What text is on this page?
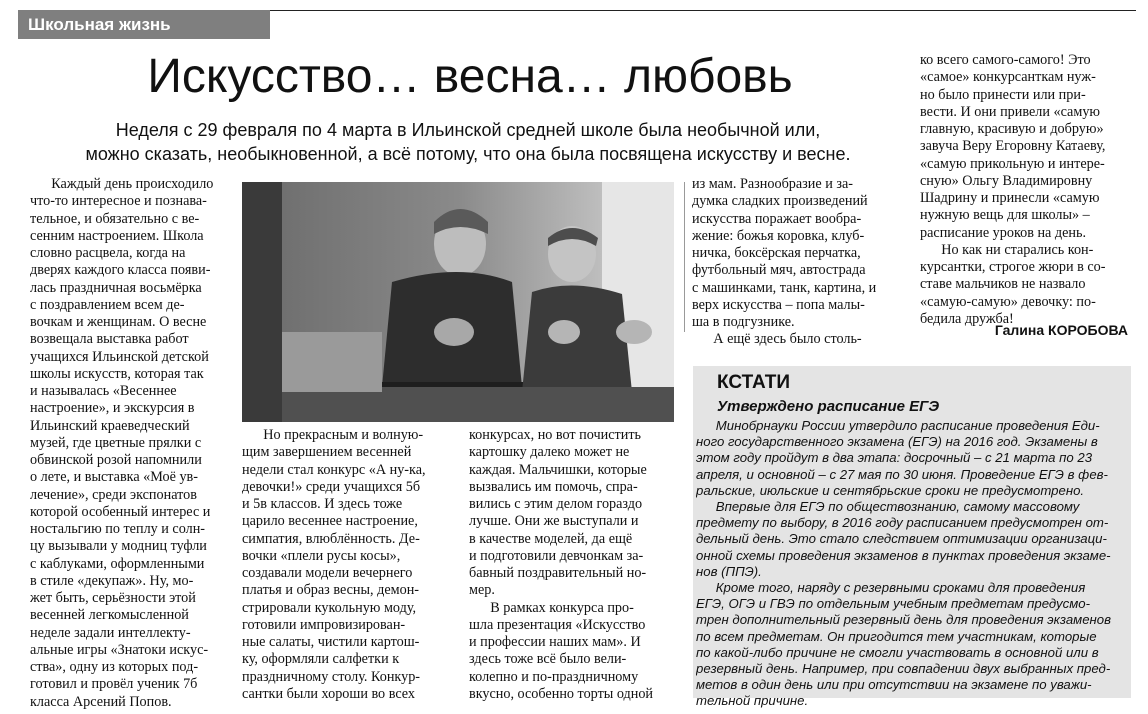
Школьная жизнь
Искусство… весна… любовь
Неделя с 29 февраля по 4 марта в Ильинской средней школе была необычной или,
можно сказать, необыкновенной, а всё потому, что она была посвящена искусству и весне.
  Каждый день происходило
что-то интересное и познава-
тельное, и обязательно с ве-
сенним настроением. Школа
словно расцвела, когда на
дверях каждого класса появи-
лась праздничная восьмёрка
с поздравлением всем де-
вочкам и женщинам. О весне
возвещала выставка работ
учащихся Ильинской детской
школы искусств, которая так
и называлась «Весеннее
настроение», и экскурсия в
Ильинский краеведческий
музей, где цветные прялки с
обвинской розой напомнили
о лете, и выставка «Моё ув-
лечение», среди экспонатов
которой особенный интерес и
ностальгию по теплу и солн-
цу вызывали у модниц туфли
с каблуками, оформленными
в стиле «декупаж». Ну, мо-
жет быть, серьёзности этой
весенней легкомысленной
неделе задали интеллекту-
альные игры «Знатоки искус-
ства», одну из которых под-
готовил и провёл ученик 7б
класса Арсений Попов.
  Но прекрасным и волную-
щим завершением весенней
недели стал конкурс «А ну-ка,
девочки!» среди учащихся 5б
и 5в классов. И здесь тоже
царило весеннее настроение,
симпатия, влюблённость. Де-
вочки «плели русы косы»,
создавали модели вечернего
платья и образ весны, демон-
стрировали кукольную моду,
готовили импровизирован-
ные салаты, чистили картош-
ку, оформляли салфетки к
праздничному столу. Конкур-
сантки были хороши во всех
конкурсах, но вот почистить
картошку далеко может не
каждая. Мальчишки, которые
вызвались им помочь, спра-
вились с этим делом гораздо
лучше. Они же выступали и
в качестве моделей, да ещё
и подготовили девчонкам за-
бавный поздравительный но-
мер.
  В рамках конкурса про-
шла презентация «Искусство
и профессии наших мам». И
здесь тоже всё было вели-
колепно и по-праздничному
вкусно, особенно торты одной
из мам. Разнообразие и за-
думка сладких произведений
искусства поражает вообра-
жение: божья коровка, клуб-
ничка, боксёрская перчатка,
футбольный мяч, автострада
с машинками, танк, картина, и
верх искусства – попа малы-
ша в подгузнике.
  А ещё здесь было столь-
ко всего самого-самого! Это
«самое» конкурсанткам нуж-
но было принести или при-
вести. И они привели «самую
главную, красивую и добрую»
завуча Веру Егоровну Катаеву,
«самую прикольную и интере-
сную» Ольгу Владимировну
Шадрину и принесли «самую
нужную вещь для школы» –
расписание уроков на день.
  Но как ни старались кон-
курсантки, строгое жюри в со-
ставе мальчиков не назвало
«самую-самую» девочку: по-
бедила дружба!
Галина КОРОБОВА
КСТАТИ
Утверждено расписание ЕГЭ
  Минобрнауки России утвердило расписание проведения Еди-
ного государственного экзамена (ЕГЭ) на 2016 год. Экзамены в
этом году пройдут в два этапа: досрочный – с 21 марта по 23
апреля, и основной – с 27 мая по 30 июня. Проведение ЕГЭ в фев-
ральские, июльские и сентябрьские сроки не предусмотрено.
  Впервые для ЕГЭ по обществознанию, самому массовому
предмету по выбору, в 2016 году расписанием предусмотрен от-
дельный день. Это стало следствием оптимизации организаци-
онной схемы проведения экзаменов в пунктах проведения экзаме-
нов (ППЭ).
  Кроме того, наряду с резервными сроками для проведения
ЕГЭ, ОГЭ и ГВЭ по отдельным учебным предметам предусмо-
трен дополнительный резервный день для проведения экзаменов
по всем предметам. Он пригодится тем участникам, которые
по какой-либо причине не смогли участвовать в основной или в
резервный день. Например, при совпадении двух выбранных пред-
метов в один день или при отсутствии на экзамене по уважи-
тельной причине.
